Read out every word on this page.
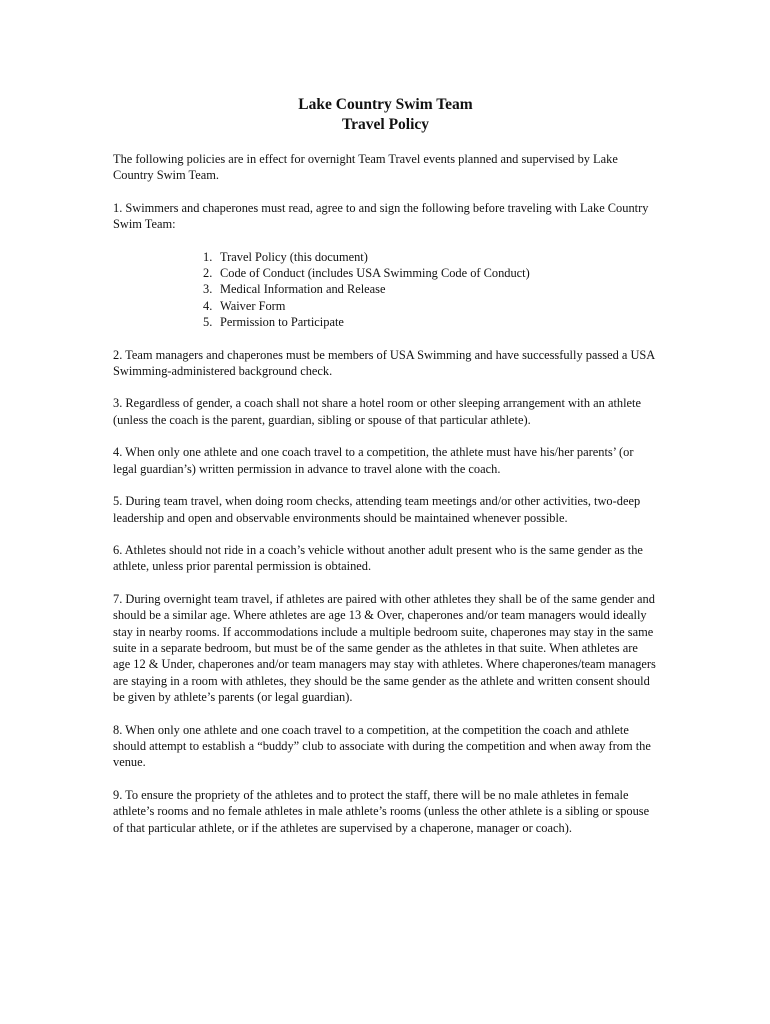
Lake Country Swim Team
Travel Policy

The following policies are in effect for overnight Team Travel events planned and supervised by Lake Country Swim Team.

1. Swimmers and chaperones must read, agree to and sign the following before traveling with Lake Country Swim Team:

1. Travel Policy (this document)
2. Code of Conduct (includes USA Swimming Code of Conduct)
3. Medical Information and Release
4. Waiver Form
5. Permission to Participate

2. Team managers and chaperones must be members of USA Swimming and have successfully passed a USA Swimming-administered background check.

3. Regardless of gender, a coach shall not share a hotel room or other sleeping arrangement with an athlete (unless the coach is the parent, guardian, sibling or spouse of that particular athlete).

4. When only one athlete and one coach travel to a competition, the athlete must have his/her parents’ (or legal guardian’s) written permission in advance to travel alone with the coach.

5. During team travel, when doing room checks, attending team meetings and/or other activities, two-deep leadership and open and observable environments should be maintained whenever possible.

6. Athletes should not ride in a coach’s vehicle without another adult present who is the same gender as the athlete, unless prior parental permission is obtained.

7. During overnight team travel, if athletes are paired with other athletes they shall be of the same gender and should be a similar age. Where athletes are age 13 & Over, chaperones and/or team managers would ideally stay in nearby rooms. If accommodations include a multiple bedroom suite, chaperones may stay in the same suite in a separate bedroom, but must be of the same gender as the athletes in that suite. When athletes are age 12 & Under, chaperones and/or team managers may stay with athletes. Where chaperones/team managers are staying in a room with athletes, they should be the same gender as the athlete and written consent should be given by athlete’s parents (or legal guardian).

8. When only one athlete and one coach travel to a competition, at the competition the coach and athlete should attempt to establish a “buddy” club to associate with during the competition and when away from the venue.

9. To ensure the propriety of the athletes and to protect the staff, there will be no male athletes in female athlete’s rooms and no female athletes in male athlete’s rooms (unless the other athlete is a sibling or spouse of that particular athlete, or if the athletes are supervised by a chaperone, manager or coach).
